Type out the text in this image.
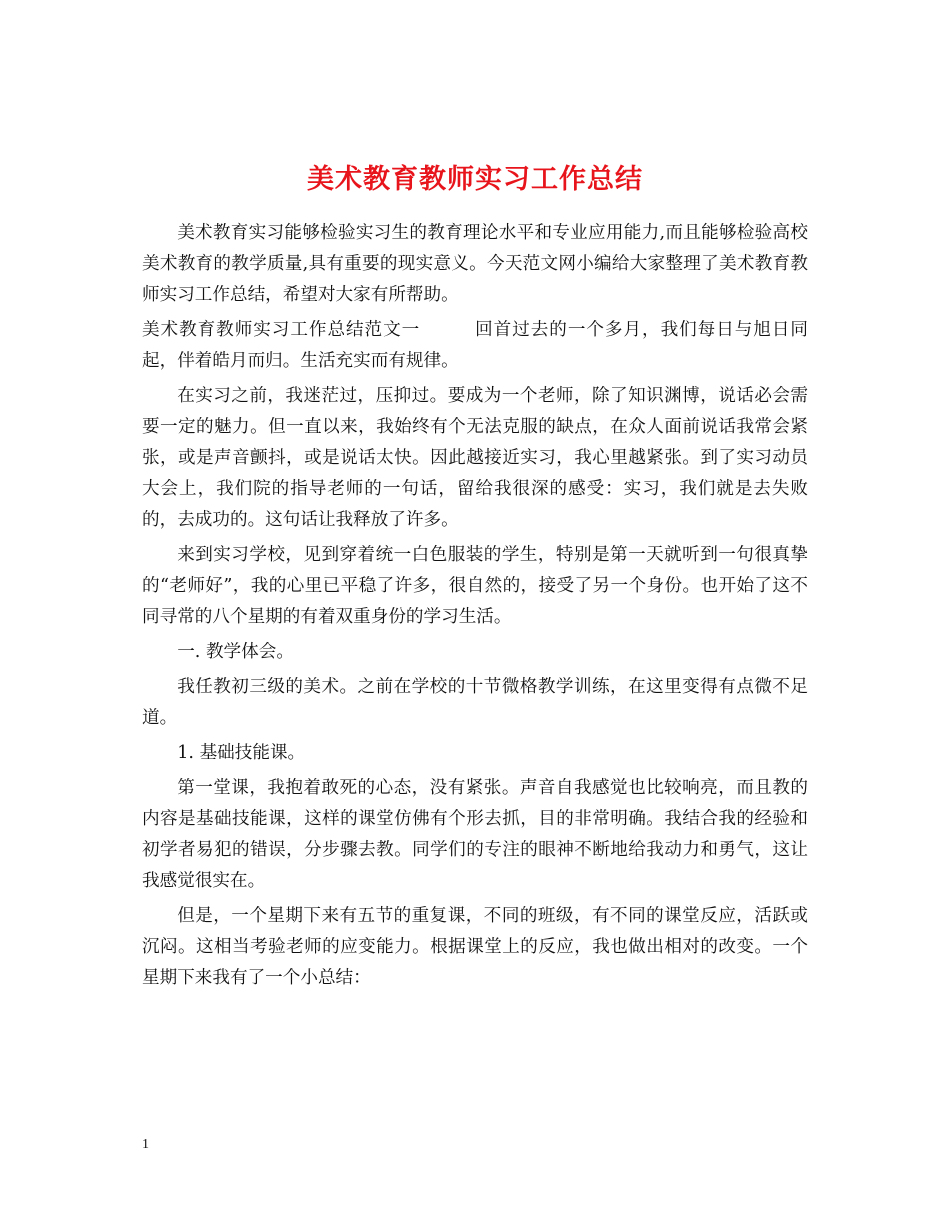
美术教育教师实习工作总结

美术教育实习能够检验实习生的教育理论水平和专业应用能力,而且能够检验高校美术教育的教学质量,具有重要的现实意义。今天范文网小编给大家整理了美术教育教师实习工作总结，希望对大家有所帮助。

美术教育教师实习工作总结范文一	回首过去的一个多月，我们每日与旭日同起，伴着皓月而归。生活充实而有规律。

在实习之前，我迷茫过，压抑过。要成为一个老师，除了知识渊博，说话必会需要一定的魅力。但一直以来，我始终有个无法克服的缺点，在众人面前说话我常会紧张，或是声音颤抖，或是说话太快。因此越接近实习，我心里越紧张。到了实习动员大会上，我们院的指导老师的一句话，留给我很深的感受：实习，我们就是去失败的，去成功的。这句话让我释放了许多。

来到实习学校，见到穿着统一白色服装的学生，特别是第一天就听到一句很真挚的“老师好”，我的心里已平稳了许多，很自然的，接受了另一个身份。也开始了这不同寻常的八个星期的有着双重身份的学习生活。

一. 教学体会。

我任教初三级的美术。之前在学校的十节微格教学训练，在这里变得有点微不足道。

1. 基础技能课。

第一堂课，我抱着敢死的心态，没有紧张。声音自我感觉也比较响亮，而且教的内容是基础技能课，这样的课堂仿佛有个形去抓，目的非常明确。我结合我的经验和初学者易犯的错误，分步骤去教。同学们的专注的眼神不断地给我动力和勇气，这让我感觉很实在。

但是，一个星期下来有五节的重复课，不同的班级，有不同的课堂反应，活跃或沉闷。这相当考验老师的应变能力。根据课堂上的反应，我也做出相对的改变。一个星期下来我有了一个小总结：

1
